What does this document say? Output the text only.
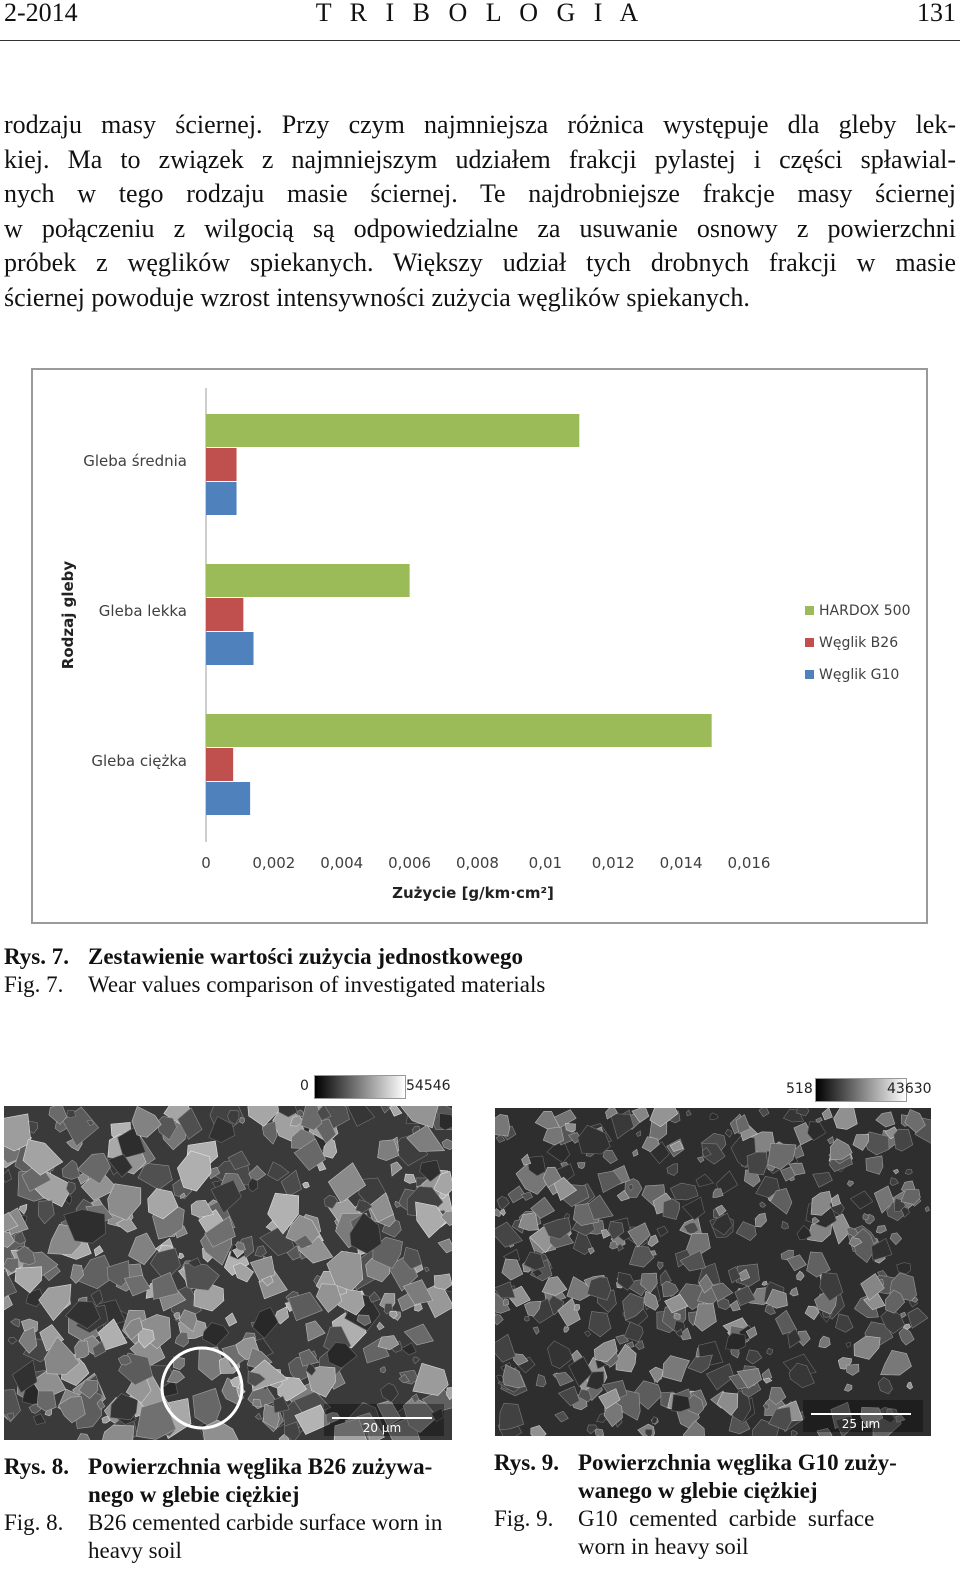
2-2014	T R I B O L O G I A	131
rodzaju masy ściernej. Przy czym najmniejsza różnica występuje dla gleby lek-
kiej. Ma to związek z najmniejszym udziałem frakcji pylastej i części spławial-
nych w tego rodzaju masie ściernej. Te najdrobniejsze frakcje masy ściernej
w połączeniu z wilgocią są odpowiedzialne za usuwanie osnowy z powierzchni
próbek z węglików spiekanych. Większy udział tych drobnych frakcji w masie
ściernej powoduje wzrost intensywności zużycia węglików spiekanych.
Gleba średnia
Gleba lekka
Gleba ciężka
0	0,002 0,004 0,006 0,008 0,01 0,012 0,014 0,016
Zużycie [g/km·cm²]
Rodzaj gleby	HARDOX 500
Węglik B26
Węglik G10
Rys. 7. Zestawienie wartości zużycia jednostkowego
Fig. 7. Wear values comparison of investigated materials
0	54546
20 µm
518	43630
25 µm
Rys. 8. Powierzchnia węglika B26 zużywa-
nego w glebie ciężkiej
Fig. 8. B26 cemented carbide surface worn in
heavy soil
Rys. 9. Powierzchnia węglika G10 zuży-
wanego w glebie ciężkiej
Fig. 9. G10  cemented  carbide  surface
worn in heavy soil
